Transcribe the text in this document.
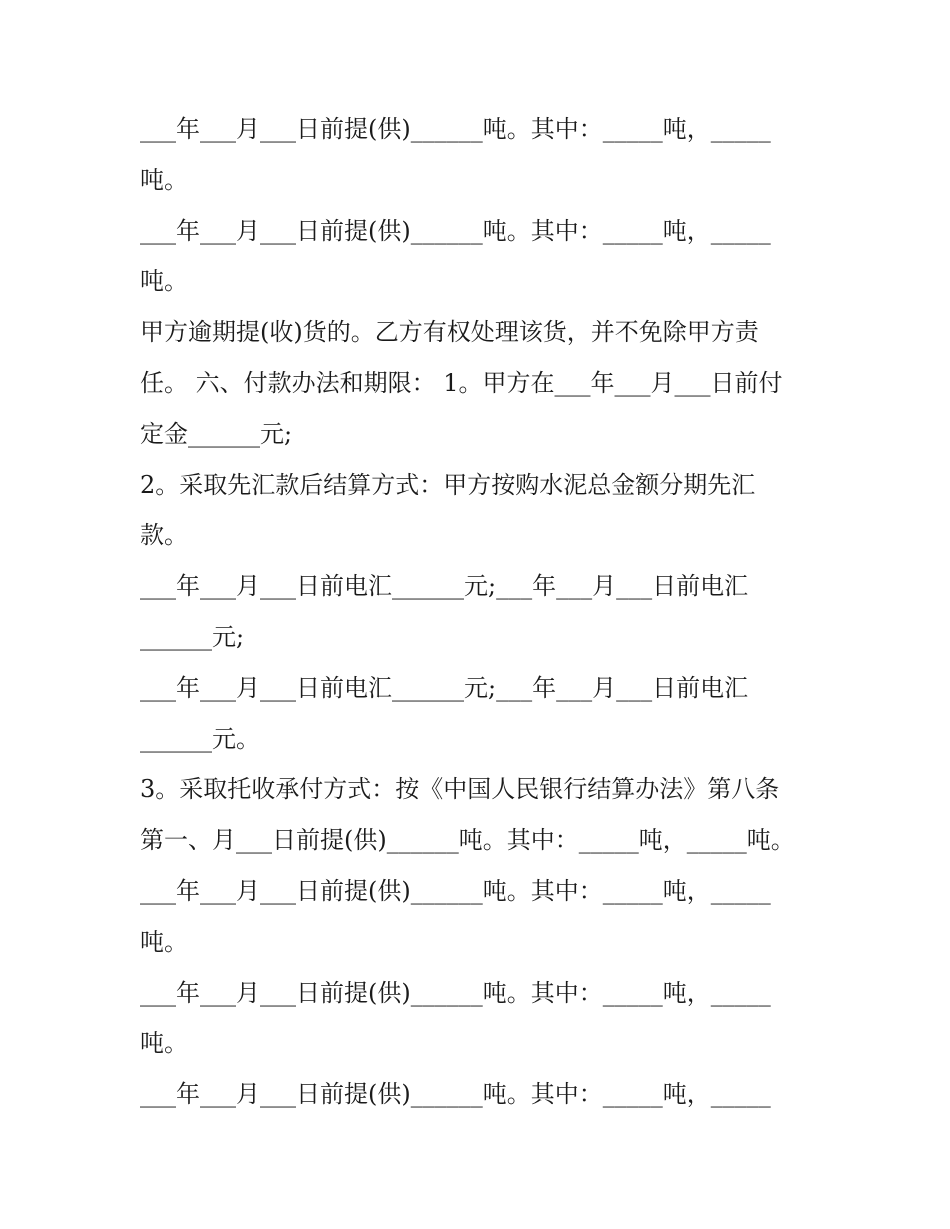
___年___月___日前提(供)______吨。其中：_____吨，_____

吨。

___年___月___日前提(供)______吨。其中：_____吨，_____

吨。

甲方逾期提(收)货的。乙方有权处理该货，并不免除甲方责

任。 六、付款办法和期限： 1。甲方在___年___月___日前付

定金______元;

2。采取先汇款后结算方式：甲方按购水泥总金额分期先汇

款。

___年___月___日前电汇______元;___年___月___日前电汇

______元;

___年___月___日前电汇______元;___年___月___日前电汇

______元。

3。采取托收承付方式：按《中国人民银行结算办法》第八条

第一、月___日前提(供)______吨。其中：_____吨，_____吨。

___年___月___日前提(供)______吨。其中：_____吨，_____

吨。

___年___月___日前提(供)______吨。其中：_____吨，_____

吨。

___年___月___日前提(供)______吨。其中：_____吨，_____
